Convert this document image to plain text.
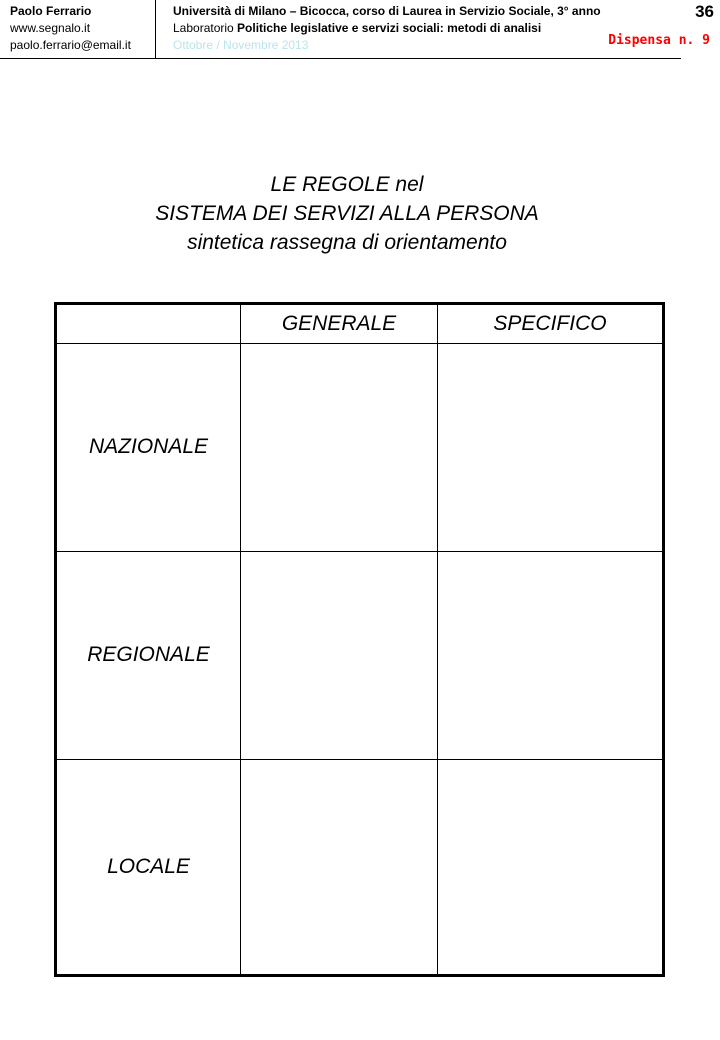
Paolo Ferrario
www.segnalo.it
paolo.ferrario@email.it
Università di Milano – Bicocca, corso di Laurea in Servizio Sociale, 3° anno
Laboratorio Politiche legislative e servizi sociali: metodi di analisi
Ottobre / Novembre 2013
36
Dispensa n. 9
LE REGOLE nel
SISTEMA DEI SERVIZI ALLA PERSONA
sintetica rassegna di orientamento
	GENERALE	SPECIFICO
NAZIONALE		
REGIONALE		
LOCALE		
